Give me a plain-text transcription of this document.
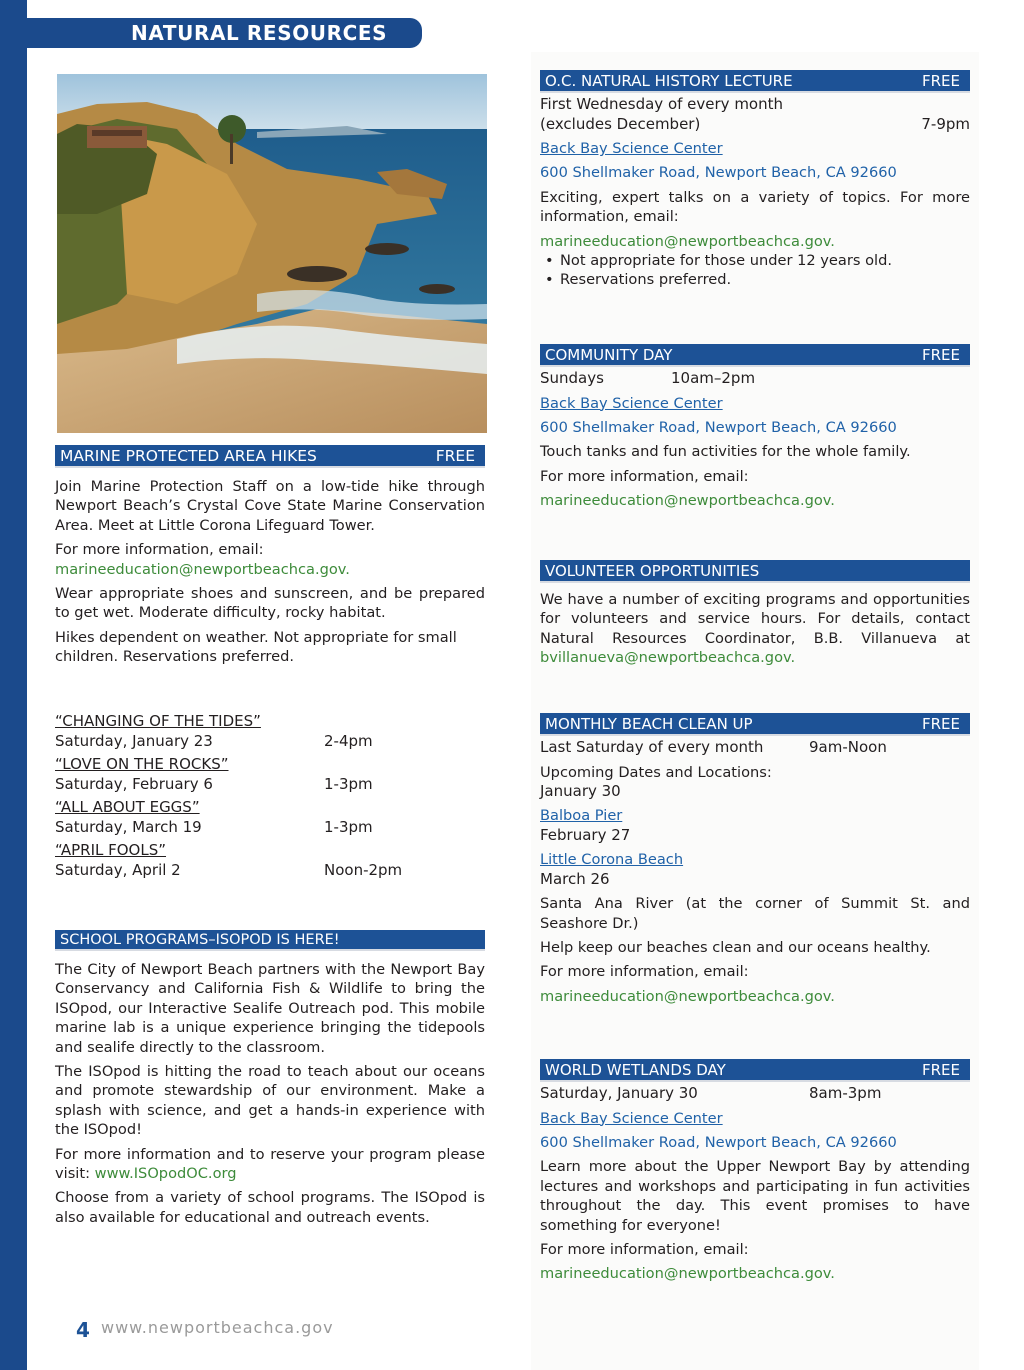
NATURAL RESOURCES
MARINE PROTECTED AREA HIKES	FREE

Join Marine Protection Staff on a low-tide hike through Newport Beach’s Crystal Cove State Marine Conservation Area. Meet at Little Corona Lifeguard Tower.

For more information, email:

marineeducation@newportbeachca.gov.

Wear appropriate shoes and sunscreen, and be prepared to get wet. Moderate difficulty, rocky habitat.

Hikes dependent on weather. Not appropriate for small children. Reservations preferred.

“CHANGING OF THE TIDES”
Saturday, January 23	2-4pm
“LOVE ON THE ROCKS”
Saturday, February 6	1-3pm
“ALL ABOUT EGGS”
Saturday, March 19	1-3pm
“APRIL FOOLS”
Saturday, April 2	Noon-2pm
SCHOOL PROGRAMS–ISOPOD IS HERE!

The City of Newport Beach partners with the Newport Bay Conservancy and California Fish & Wildlife to bring the ISOpod, our Interactive Sealife Outreach pod. This mobile marine lab is a unique experience bringing the tidepools and sealife directly to the classroom.

The ISOpod is hitting the road to teach about our oceans and promote stewardship of our environment. Make a splash with science, and get a hands-in experience with the ISOpod!

For more information and to reserve your program please visit: www.ISOpodOC.org

Choose from a variety of school programs. The ISOpod is also available for educational and outreach events.

O.C. NATURAL HISTORY LECTURE	FREE
First Wednesday of every month
(excludes December)	7-9pm

Back Bay Science Center

600 Shellmaker Road, Newport Beach, CA 92660

Exciting, expert talks on a variety of topics. For more information, email:

marineeducation@newportbeachca.gov.

• Not appropriate for those under 12 years old.
• Reservations preferred.
COMMUNITY DAY	FREE
Sundays	10am–2pm

Back Bay Science Center

600 Shellmaker Road, Newport Beach, CA 92660

Touch tanks and fun activities for the whole family.

For more information, email:

marineeducation@newportbeachca.gov.

VOLUNTEER OPPORTUNITIES

We have a number of exciting programs and opportunities for volunteers and service hours. For details, contact Natural Resources Coordinator, B.B. Villanueva at bvillanueva@newportbeachca.gov.

MONTHLY BEACH CLEAN UP	FREE
Last Saturday of every month	9am-Noon

Upcoming Dates and Locations:

January 30

Balboa Pier

February 27

Little Corona Beach

March 26

Santa Ana River (at the corner of Summit St. and Seashore Dr.)

Help keep our beaches clean and our oceans healthy.

For more information, email:

marineeducation@newportbeachca.gov.

WORLD WETLANDS DAY	FREE
Saturday, January 30	8am-3pm

Back Bay Science Center

600 Shellmaker Road, Newport Beach, CA 92660

Learn more about the Upper Newport Bay by attending lectures and workshops and participating in fun activities throughout the day. This event promises to have something for everyone!

For more information, email:

marineeducation@newportbeachca.gov.

4 www.newportbeachca.gov
